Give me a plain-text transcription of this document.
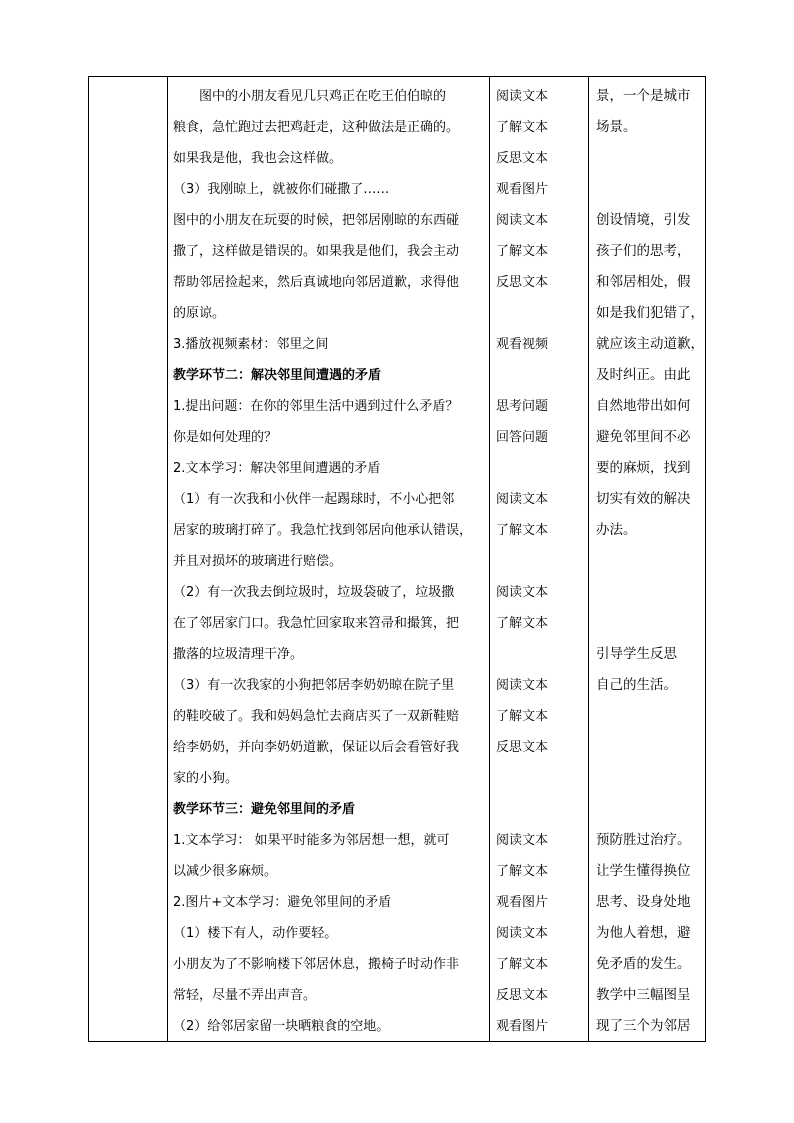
图中的小朋友看见几只鸡正在吃王伯伯晾的
粮食，急忙跑过去把鸡赶走，这种做法是正确的。
如果我是他，我也会这样做。
（3）我刚晾上，就被你们碰撒了……
图中的小朋友在玩耍的时候，把邻居刚晾的东西碰
撒了，这样做是错误的。如果我是他们，我会主动
帮助邻居捡起来，然后真诚地向邻居道歉，求得他
的原谅。
3.播放视频素材：邻里之间
教学环节二：解决邻里间遭遇的矛盾
1.提出问题：在你的邻里生活中遇到过什么矛盾？
你是如何处理的？
2.文本学习：解决邻里间遭遇的矛盾
（1）有一次我和小伙伴一起踢球时，不小心把邻
居家的玻璃打碎了。我急忙找到邻居向他承认错误，
并且对损坏的玻璃进行赔偿。
（2）有一次我去倒垃圾时，垃圾袋破了，垃圾撒
在了邻居家门口。我急忙回家取来笤帚和撮箕，把
撒落的垃圾清理干净。
（3）有一次我家的小狗把邻居李奶奶晾在院子里
的鞋咬破了。我和妈妈急忙去商店买了一双新鞋赔
给李奶奶，并向李奶奶道歉，保证以后会看管好我
家的小狗。
教学环节三：避免邻里间的矛盾
1.文本学习： 如果平时能多为邻居想一想，就可
以减少很多麻烦。
2.图片+文本学习：避免邻里间的矛盾
（1）楼下有人，动作要轻。
小朋友为了不影响楼下邻居休息，搬椅子时动作非
常轻，尽量不弄出声音。
（2）给邻居家留一块晒粮食的空地。
阅读文本
了解文本
反思文本
观看图片
阅读文本
了解文本
反思文本
观看视频
思考问题
回答问题
阅读文本
了解文本
阅读文本
了解文本
阅读文本
了解文本
反思文本
阅读文本
了解文本
观看图片
阅读文本
了解文本
反思文本
观看图片
景，一个是城市
场景。
创设情境，引发
孩子们的思考，
和邻居相处，假
如是我们犯错了，
就应该主动道歉，
及时纠正。由此
自然地带出如何
避免邻里间不必
要的麻烦，找到
切实有效的解决
办法。
引导学生反思
自己的生活。
预防胜过治疗。
让学生懂得换位
思考、设身处地
为他人着想，避
免矛盾的发生。
教学中三幅图呈
现了三个为邻居
